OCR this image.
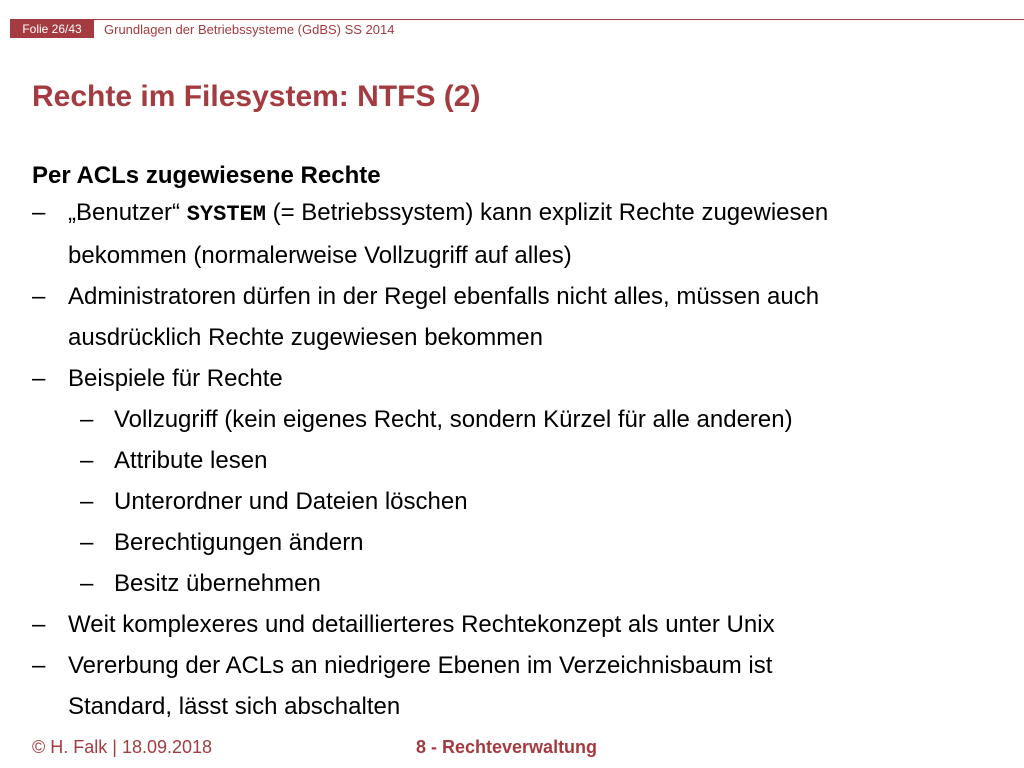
Folie 26/43	Grundlagen der Betriebssysteme (GdBS) SS 2014
Rechte im Filesystem: NTFS (2)
Per ACLs zugewiesene Rechte
– „Benutzer“ SYSTEM (= Betriebssystem) kann explizit Rechte zugewiesen
bekommen (normalerweise Vollzugriff auf alles)
– Administratoren dürfen in der Regel ebenfalls nicht alles, müssen auch
ausdrücklich Rechte zugewiesen bekommen
– Beispiele für Rechte
– Vollzugriff (kein eigenes Recht, sondern Kürzel für alle anderen)
– Attribute lesen
– Unterordner und Dateien löschen
– Berechtigungen ändern
– Besitz übernehmen
– Weit komplexeres und detaillierteres Rechtekonzept als unter Unix
– Vererbung der ACLs an niedrigere Ebenen im Verzeichnisbaum ist
Standard, lässt sich abschalten
© H. Falk | 18.09.2018	8 - Rechteverwaltung
